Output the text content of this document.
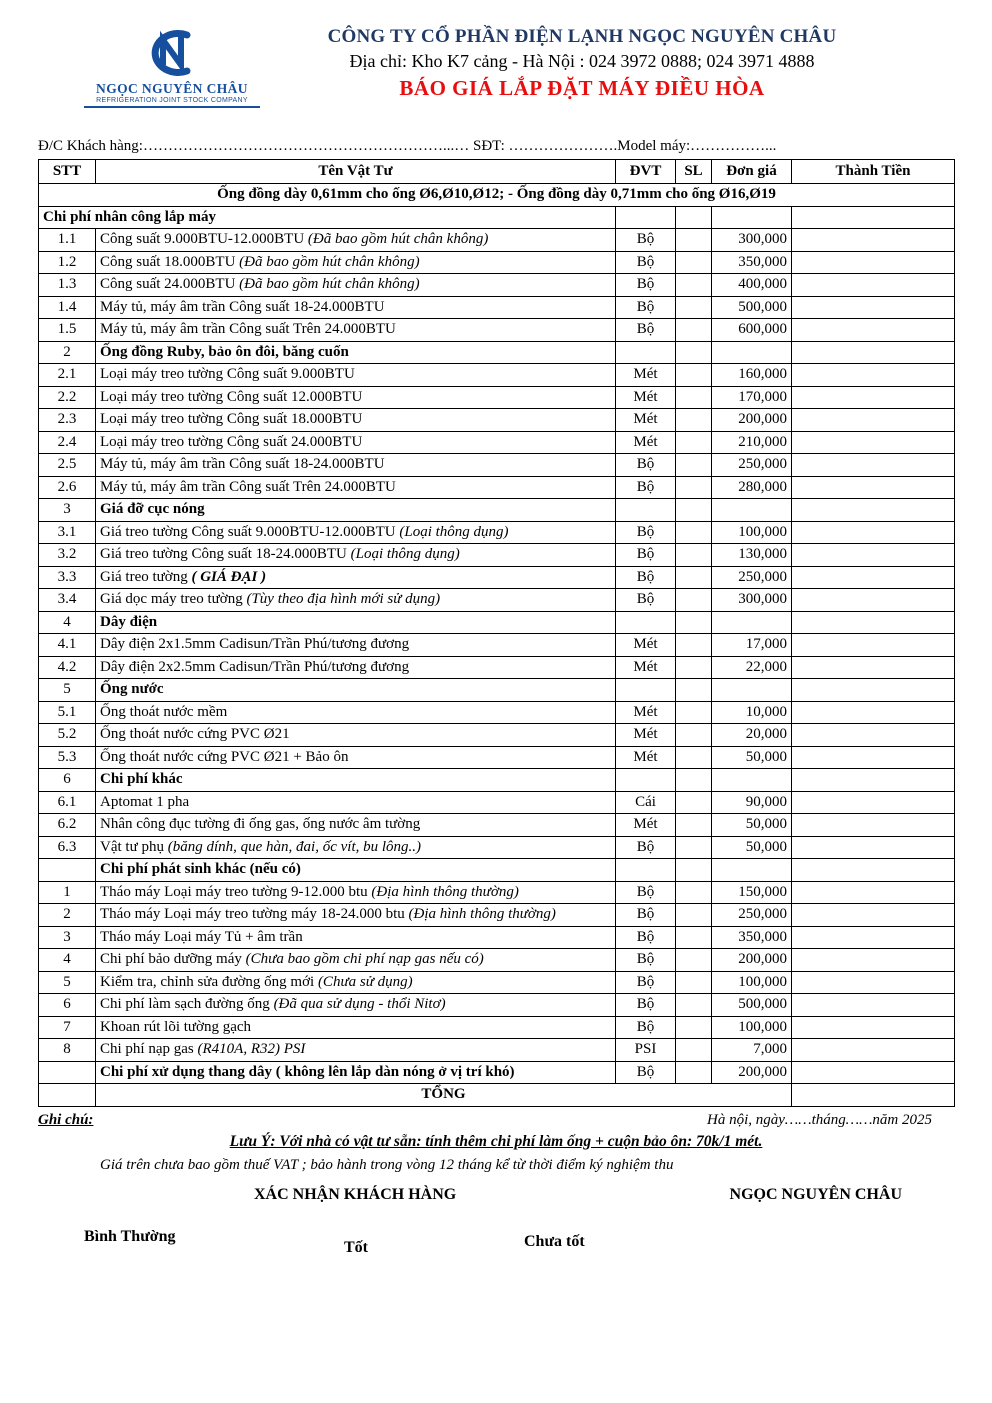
NGỌC NGUYÊN CHÂU
REFRIGERATION JOINT STOCK COMPANY
CÔNG TY CỔ PHẦN ĐIỆN LẠNH NGỌC NGUYÊN CHÂU
Địa chỉ: Kho K7 cảng - Hà Nội : 024 3972 0888; 024 3971 4888
BÁO GIÁ LẮP ĐẶT MÁY ĐIỀU HÒA
Đ/C Khách hàng:……………………………………………………...… SĐT: ………………….Model máy:……………...
STT	Tên Vật Tư	ĐVT	SL	Đơn giá	Thành Tiền
Ống đồng dày 0,61mm cho ống Ø6,Ø10,Ø12; - Ống đồng dày 0,71mm cho ống Ø16,Ø19					
Chi phí nhân công lắp máy					
1.1	Công suất 9.000BTU-12.000BTU (Đã bao gồm hút chân không)	Bộ		300,000	
1.2	Công suất 18.000BTU (Đã bao gồm hút chân không)	Bộ		350,000	
1.3	Công suất 24.000BTU (Đã bao gồm hút chân không)	Bộ		400,000	
1.4	Máy tủ, máy âm trần Công suất 18-24.000BTU	Bộ		500,000	
1.5	Máy tủ, máy âm trần Công suất Trên 24.000BTU	Bộ		600,000	
2	Ống đồng Ruby, bảo ôn đôi, băng cuốn				
2.1	Loại máy treo tường Công suất 9.000BTU	Mét		160,000	
2.2	Loại máy treo tường Công suất 12.000BTU	Mét		170,000	
2.3	Loại máy treo tường Công suất 18.000BTU	Mét		200,000	
2.4	Loại máy treo tường Công suất 24.000BTU	Mét		210,000	
2.5	Máy tủ, máy âm trần Công suất 18-24.000BTU	Bộ		250,000	
2.6	Máy tủ, máy âm trần Công suất Trên 24.000BTU	Bộ		280,000	
3	Giá đỡ cục nóng				
3.1	Giá treo tường Công suất 9.000BTU-12.000BTU (Loại thông dụng)	Bộ		100,000	
3.2	Giá treo tường Công suất 18-24.000BTU (Loại thông dụng)	Bộ		130,000	
3.3	Giá treo tường ( GIÁ ĐẠI )	Bộ		250,000	
3.4	Giá dọc máy treo tường (Tùy theo địa hình mới sử dụng)	Bộ		300,000	
4	Dây điện				
4.1	Dây điện 2x1.5mm Cadisun/Trần Phú/tương đương	Mét		17,000	
4.2	Dây điện 2x2.5mm Cadisun/Trần Phú/tương đương	Mét		22,000	
5	Ống nước				
5.1	Ống thoát nước mềm	Mét		10,000	
5.2	Ống thoát nước cứng PVC Ø21	Mét		20,000	
5.3	Ống thoát nước cứng PVC Ø21 + Bảo ôn	Mét		50,000	
6	Chi phí khác				
6.1	Aptomat 1 pha	Cái		90,000	
6.2	Nhân công đục tường đi ống gas, ống nước âm tường	Mét		50,000	
6.3	Vật tư phụ (băng dính, que hàn, đai, ốc vít, bu lông..)	Bộ		50,000	
	Chi phí phát sinh khác (nếu có)				
1	Tháo máy Loại máy treo tường 9-12.000 btu (Địa hình thông thường)	Bộ		150,000	
2	Tháo máy Loại máy treo tường máy 18-24.000 btu (Địa hình thông thường)	Bộ		250,000	
3	Tháo máy Loại máy Tủ + âm trần	Bộ		350,000	
4	Chi phí bảo dưỡng máy (Chưa bao gồm chi phí nạp gas nếu có)	Bộ		200,000	
5	Kiểm tra, chỉnh sửa đường ống mới (Chưa sử dụng)	Bộ		100,000	
6	Chi phí làm sạch đường ống (Đã qua sử dụng - thổi Nitơ)	Bộ		500,000	
7	Khoan rút lõi tường gạch	Bộ		100,000	
8	Chi phí nạp gas (R410A, R32) PSI	PSI		7,000	
	Chi phí xử dụng thang dây ( không lên lắp dàn nóng ở vị trí khó)	Bộ		200,000	
	TỔNG				
Ghi chú:	Hà nội, ngày……tháng……năm 2025
Lưu Ý: Với nhà có vật tư sẵn: tính thêm chi phí làm ống + cuộn bảo ôn: 70k/1 mét.
Giá trên chưa bao gồm thuế VAT ; bảo hành trong vòng 12 tháng kể từ thời điểm ký nghiệm thu
XÁC NHẬN KHÁCH HÀNG	NGỌC NGUYÊN CHÂU
Bình Thường
Tốt	Chưa tốt
